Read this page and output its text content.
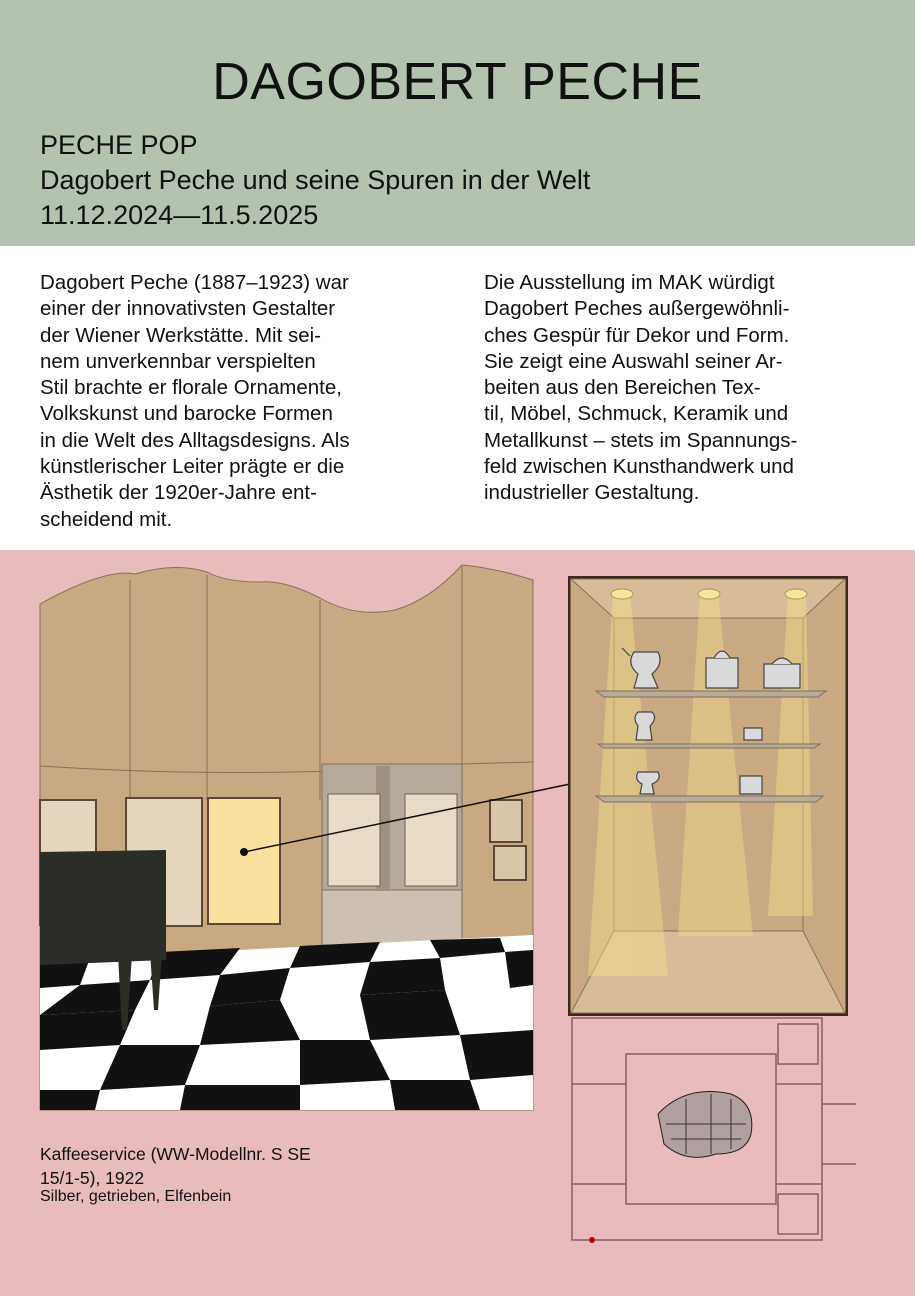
DAGOBERT PECHE
PECHE POP
Dagobert Peche und seine Spuren in der Welt
11.12.2024—11.5.2025
Dagobert Peche (1887–1923) war
einer der innovativsten Gestalter
der Wiener Werkstätte. Mit sei-
nem unverkennbar verspielten
Stil brachte er florale Ornamente,
Volkskunst und barocke Formen
in die Welt des Alltagsdesigns. Als
künstlerischer Leiter prägte er die
Ästhetik der 1920er-Jahre ent-
scheidend mit.
Die Ausstellung im MAK würdigt
Dagobert Peches außergewöhnli-
ches Gespür für Dekor und Form.
Sie zeigt eine Auswahl seiner Ar-
beiten aus den Bereichen Tex-
til, Möbel, Schmuck, Keramik und
Metallkunst – stets im Spannungs-
feld zwischen Kunsthandwerk und
industrieller Gestaltung.
Kaffeeservice (WW-Modellnr. S SE
15/1-5), 1922
Silber, getrieben, Elfenbein
